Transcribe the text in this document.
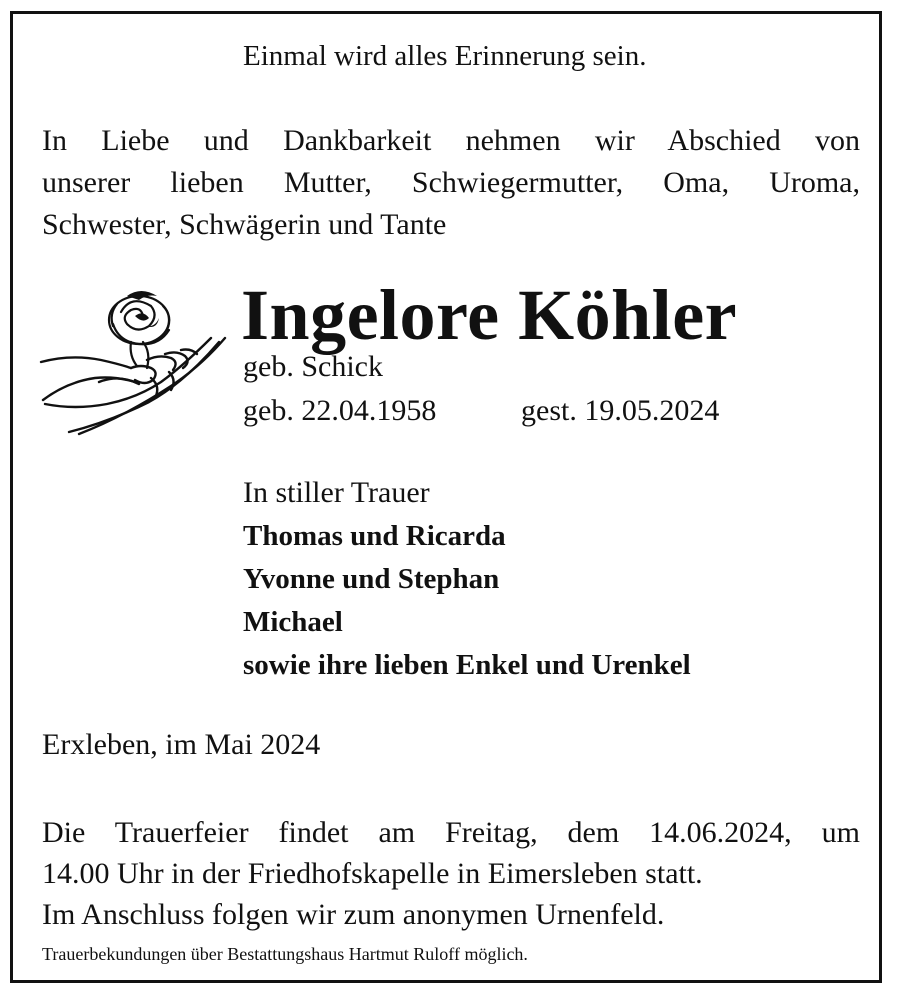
Einmal wird alles Erinnerung sein.
In Liebe und Dankbarkeit nehmen wir Abschied von
unserer lieben Mutter, Schwiegermutter, Oma, Uroma,
Schwester, Schwägerin und Tante
Ingelore Köhler
geb. Schick
geb. 22.04.1958	gest. 19.05.2024
In stiller Trauer
Thomas und Ricarda
Yvonne und Stephan
Michael
sowie ihre lieben Enkel und Urenkel
Erxleben, im Mai 2024
Die Trauerfeier findet am Freitag, dem 14.06.2024, um
14.00 Uhr in der Friedhofskapelle in Eimersleben statt.
Im Anschluss folgen wir zum anonymen Urnenfeld.
Trauerbekundungen über Bestattungshaus Hartmut Ruloff möglich.
